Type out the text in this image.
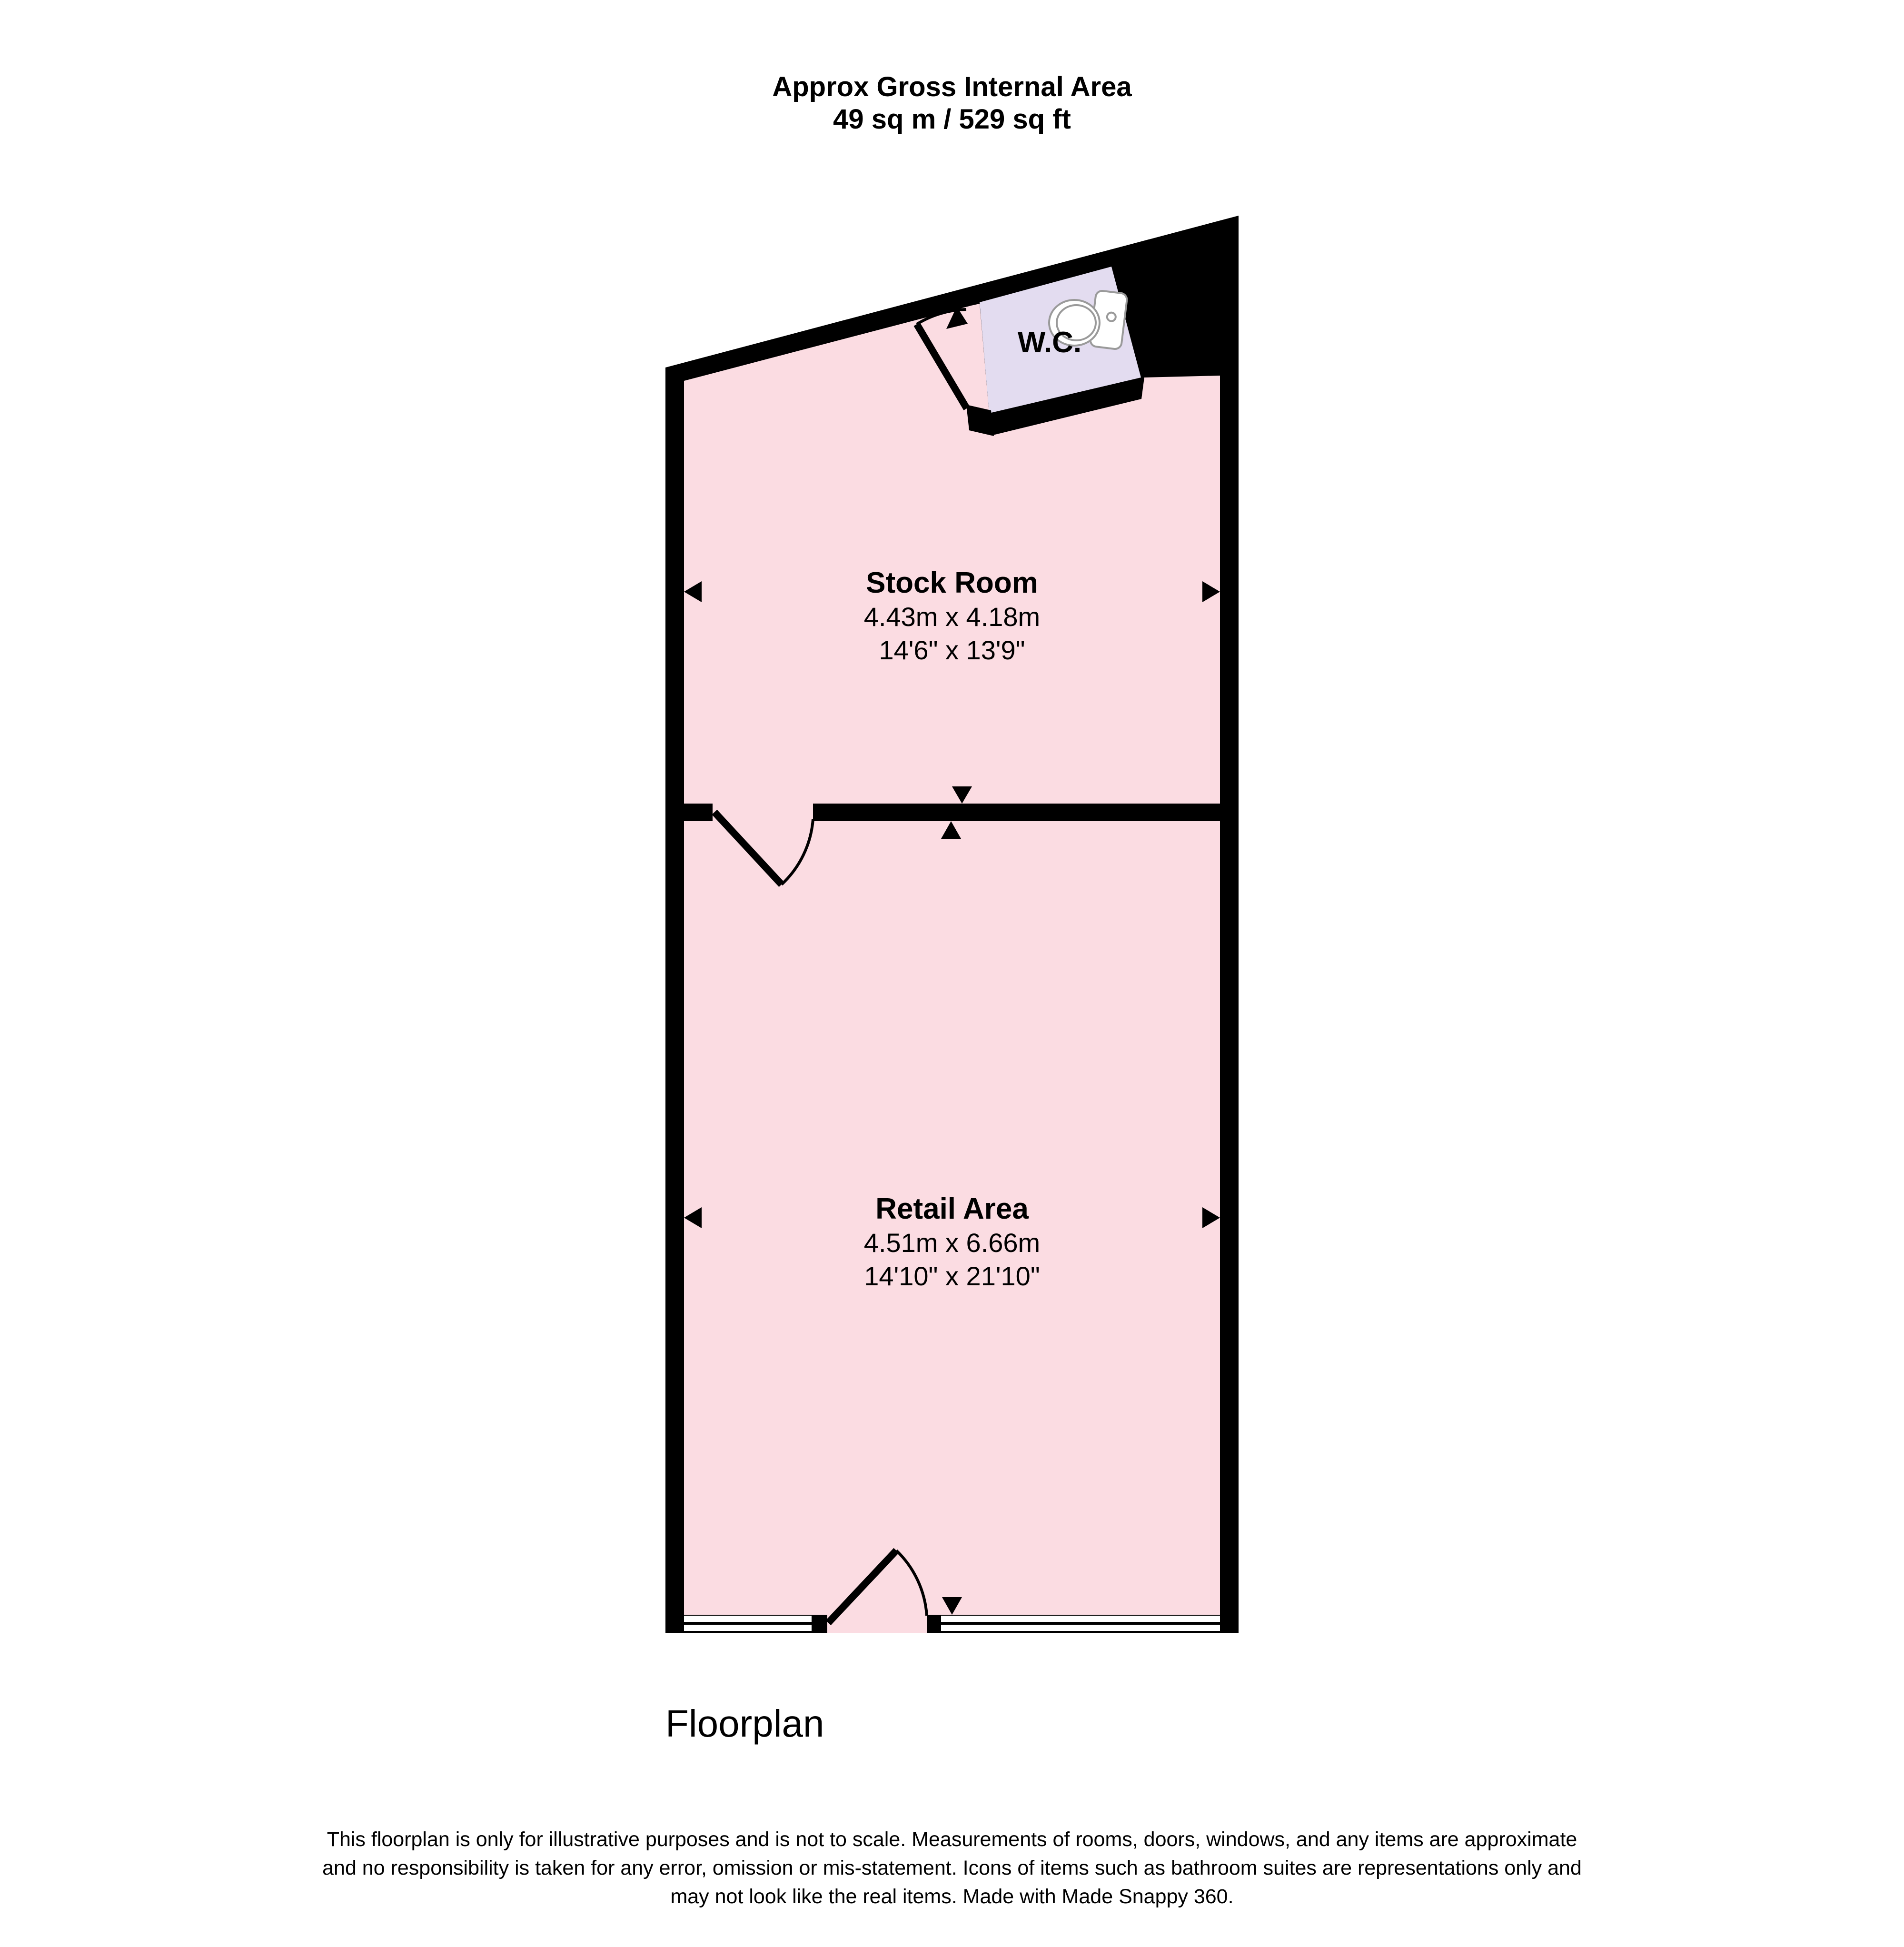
Approx Gross Internal Area
49 sq m / 529 sq ft
W.C.
Stock Room
4.43m x 4.18m
14'6" x 13'9"
Retail Area
4.51m x 6.66m
14'10" x 21'10"
Floorplan
This floorplan is only for illustrative purposes and is not to scale. Measurements of rooms, doors, windows, and any items are approximate
and no responsibility is taken for any error, omission or mis-statement. Icons of items such as bathroom suites are representations only and
may not look like the real items. Made with Made Snappy 360.
